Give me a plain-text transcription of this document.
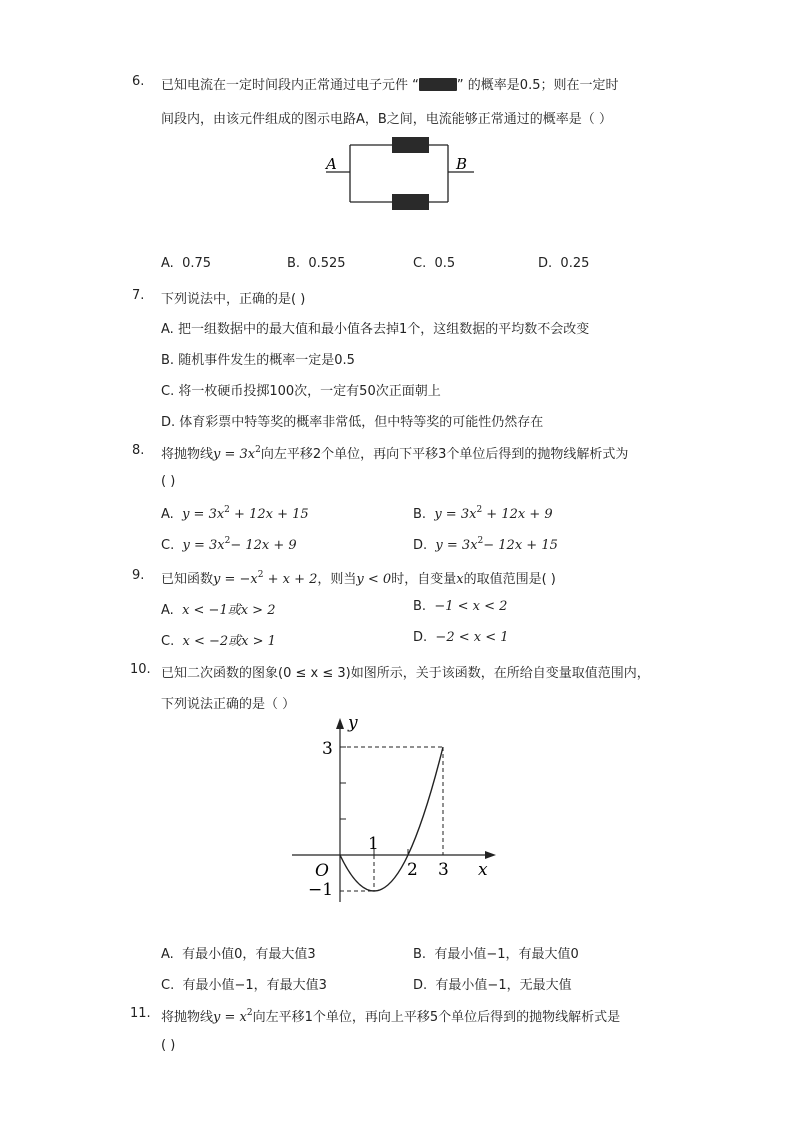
6. 已知电流在一定时间段内正常通过电子元件 “	” 的概率是0.5；则在一定时
间段内，由该元件组成的图示电路A，B之间，电流能够正常通过的概率是（ ）
A	B
A. 0.75	B. 0.525	C. 0.5	D. 0.25
7. 下列说法中，正确的是( )
A. 把一组数据中的最大值和最小值各去掉1个，这组数据的平均数不会改变
B. 随机事件发生的概率一定是0.5
C. 将一枚硬币投掷100次，一定有50次正面朝上
D. 体育彩票中特等奖的概率非常低，但中特等奖的可能性仍然存在
8. 将抛物线$y = 3x^2$向左平移2个单位，再向下平移3个单位后得到的抛物线解析式为
( )
A. $y = 3x^2 + 12x + 15$	B. $y = 3x^2 + 12x + 9$
C. $y = 3x^2- 12x + 9$	D. $y = 3x^2- 12x + 15$
9. 已知函数$y = -x^2 + x + 2$，则当y < 0时，自变量x的取值范围是( )
A. x < −1或x > 2	B. −1 < x < 2
C. x < −2或x > 1	D. −2 < x < 1
10. 已知二次函数的图象(0 ≤ x ≤ 3)如图所示，关于该函数，在所给自变量取值范围内，
下列说法正确的是（ ）
y
x
O
3
−1
1
2 3
A. 有最小值0，有最大值3	B. 有最小值−1，有最大值0
C. 有最小值−1，有最大值3	D. 有最小值−1，无最大值
11. 将抛物线$y = x^2$向左平移1个单位，再向上平移5个单位后得到的抛物线解析式是
( )
